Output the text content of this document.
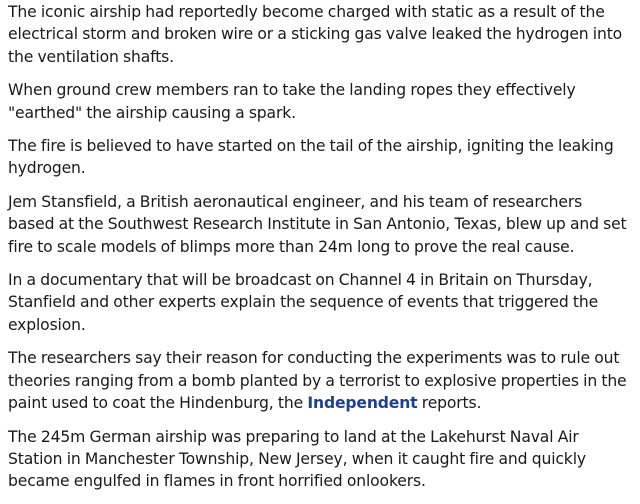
The iconic airship had reportedly become charged with static as a result of the electrical storm and broken wire or a sticking gas valve leaked the hydrogen into the ventilation shafts.

When ground crew members ran to take the landing ropes they effectively "earthed" the airship causing a spark.

The fire is believed to have started on the tail of the airship, igniting the leaking hydrogen.

Jem Stansfield, a British aeronautical engineer, and his team of researchers based at the Southwest Research Institute in San Antonio, Texas, blew up and set fire to scale models of blimps more than 24m long to prove the real cause.

In a documentary that will be broadcast on Channel 4 in Britain on Thursday, Stanfield and other experts explain the sequence of events that triggered the explosion.

The researchers say their reason for conducting the experiments was to rule out theories ranging from a bomb planted by a terrorist to explosive properties in the paint used to coat the Hindenburg, the Independent reports.

The 245m German airship was preparing to land at the Lakehurst Naval Air Station in Manchester Township, New Jersey, when it caught fire and quickly became engulfed in flames in front horrified onlookers.
